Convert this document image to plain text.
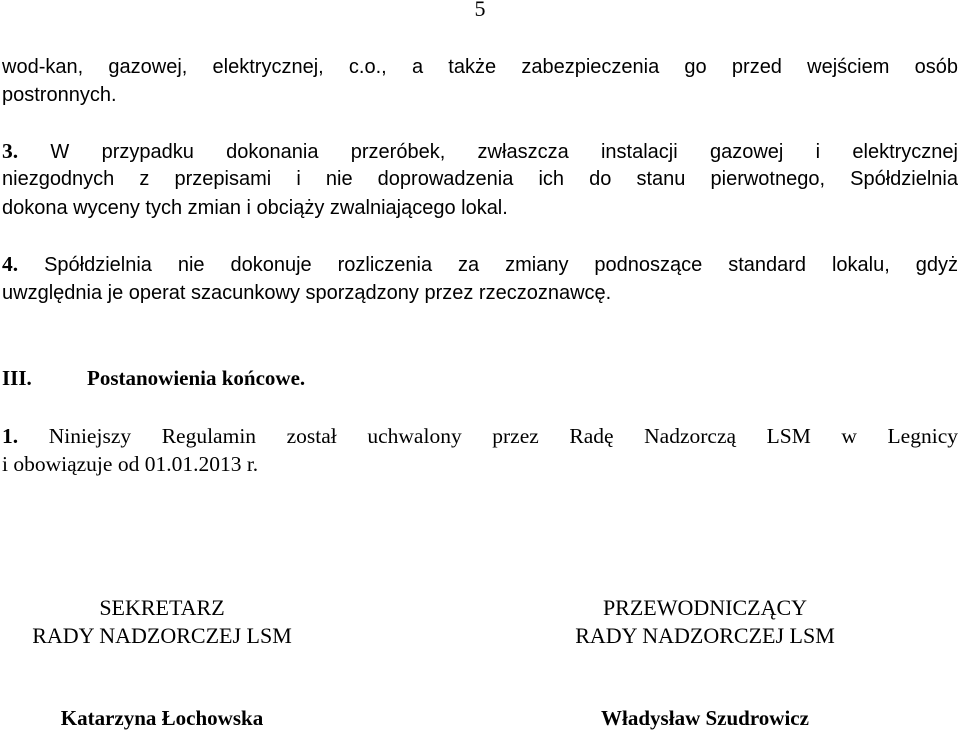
5
wod-kan, gazowej, elektrycznej, c.o., a także zabezpieczenia go przed wejściem osób
postronnych.
3. W przypadku dokonania przeróbek, zwłaszcza instalacji gazowej i elektrycznej
niezgodnych z przepisami i nie doprowadzenia ich do stanu pierwotnego, Spółdzielnia
dokona wyceny tych zmian i obciąży zwalniającego lokal.
4. Spółdzielnia nie dokonuje rozliczenia za zmiany podnoszące standard lokalu, gdyż
uwzględnia je operat szacunkowy sporządzony przez rzeczoznawcę.
III.	Postanowienia końcowe.
1. Niniejszy Regulamin został uchwalony przez Radę Nadzorczą LSM w Legnicy
i obowiązuje od 01.01.2013 r.
SEKRETARZ
RADY NADZORCZEJ LSM
Katarzyna Łochowska
PRZEWODNICZĄCY
RADY NADZORCZEJ LSM
Władysław Szudrowicz
